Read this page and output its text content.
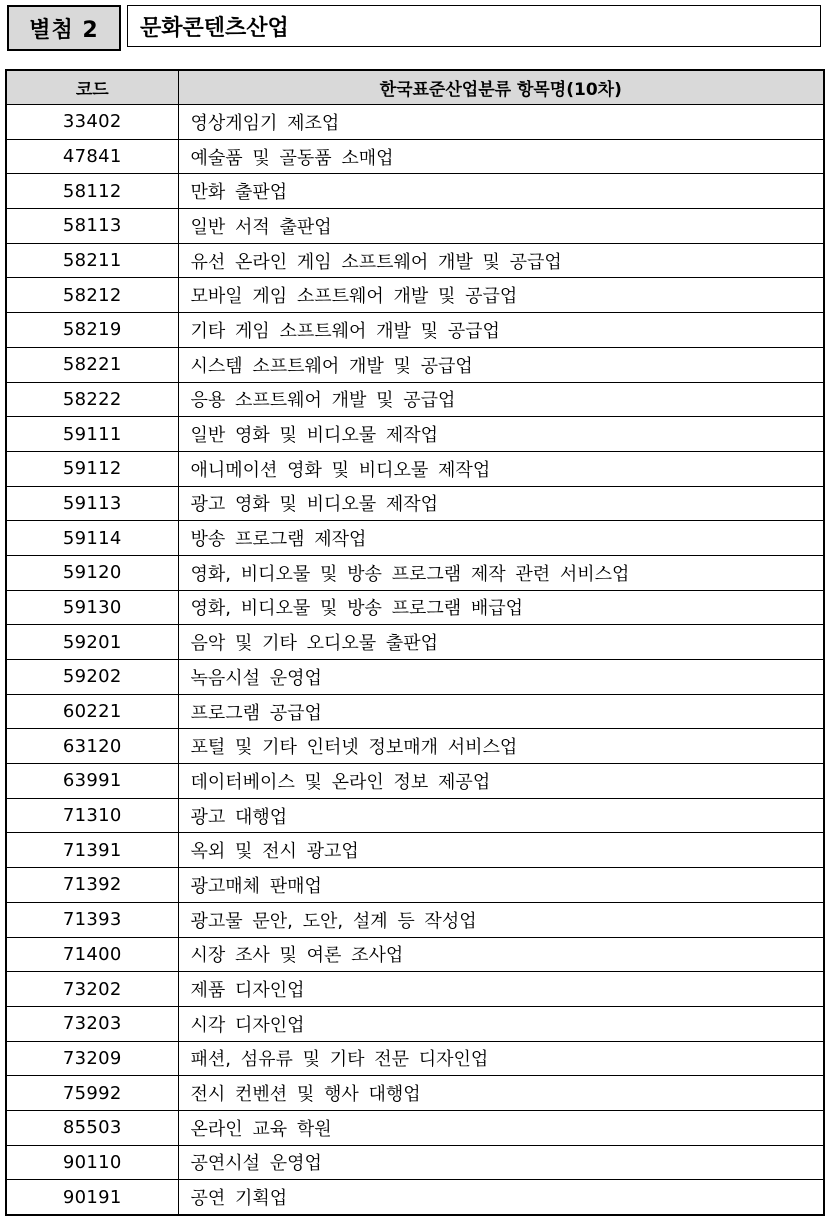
별첨 2	문화콘텐츠산업
코드	한국표준산업분류 항목명(10차)
33402	영상게임기 제조업
47841	예술품 및 골동품 소매업
58112	만화 출판업
58113	일반 서적 출판업
58211	유선 온라인 게임 소프트웨어 개발 및 공급업
58212	모바일 게임 소프트웨어 개발 및 공급업
58219	기타 게임 소프트웨어 개발 및 공급업
58221	시스템 소프트웨어 개발 및 공급업
58222	응용 소프트웨어 개발 및 공급업
59111	일반 영화 및 비디오물 제작업
59112	애니메이션 영화 및 비디오물 제작업
59113	광고 영화 및 비디오물 제작업
59114	방송 프로그램 제작업
59120	영화, 비디오물 및 방송 프로그램 제작 관련 서비스업
59130	영화, 비디오물 및 방송 프로그램 배급업
59201	음악 및 기타 오디오물 출판업
59202	녹음시설 운영업
60221	프로그램 공급업
63120	포털 및 기타 인터넷 정보매개 서비스업
63991	데이터베이스 및 온라인 정보 제공업
71310	광고 대행업
71391	옥외 및 전시 광고업
71392	광고매체 판매업
71393	광고물 문안, 도안, 설계 등 작성업
71400	시장 조사 및 여론 조사업
73202	제품 디자인업
73203	시각 디자인업
73209	패션, 섬유류 및 기타 전문 디자인업
75992	전시 컨벤션 및 행사 대행업
85503	온라인 교육 학원
90110	공연시설 운영업
90191	공연 기획업
